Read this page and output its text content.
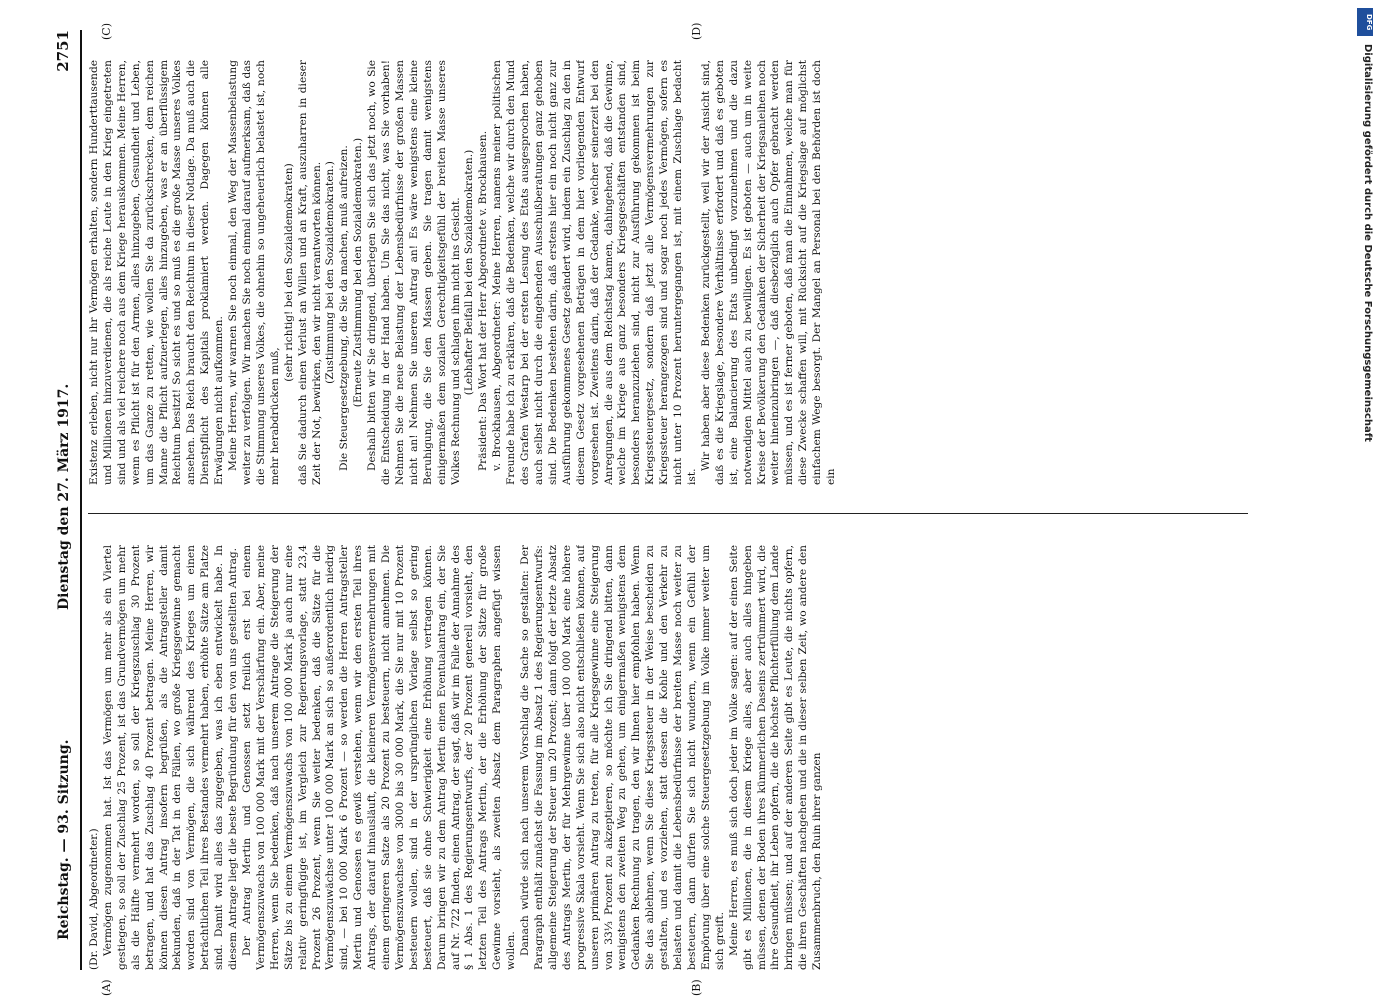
Reichstag. — 93. Sitzung.
Dienstag den 27. März 1917.
2751
(A)	(B)
(C)	(D)

(Dr. David, Abgeordneter.) Vermögen zugenommen hat. Ist das Vermögen um mehr als ein Viertel gestiegen, so soll der Zuschlag 25 Prozent, ist das Grundvermögen um mehr als die Hälfte vermehrt worden, so soll der Kriegszuschlag 30 Prozent betragen, und hat das Zuschlag 40 Prozent betragen. Meine Herren, wir können diesen Antrag insofern begrüßen, als die Antragsteller damit bekunden, daß in der Tat in den Fällen, wo große Kriegsgewinne gemacht worden sind von Vermögen, die sich während des Krieges um einen beträchtlichen Teil ihres Bestandes vermehrt haben, erhöhte Sätze am Platze sind. Damit wird alles das zugegeben, was ich eben entwickelt habe. In diesem Antrage liegt die beste Begründung für den von uns gestellten Antrag. Der Antrag Mertin und Genossen setzt freilich erst bei einem Vermögenszuwachs von 100 000 Mark mit der Verschärfung ein. Aber, meine Herren, wenn Sie bedenken, daß nach unserem Antrage die Steigerung der Sätze bis zu einem Vermögenszuwachs von 100 000 Mark ja auch nur eine relativ geringfügige ist, im Vergleich zur Regierungsvorlage, statt 23,4 Prozent 26 Prozent, wenn Sie weiter bedenken, daß die Sätze für die Vermögenszuwächse unter 100 000 Mark an sich so außerordentlich niedrig sind, — bei 10 000 Mark 6 Prozent — so werden die Herren Antragsteller Mertin und Genossen es gewiß verstehen, wenn wir den ersten Teil ihres Antrags, der darauf hinausläuft, die kleineren Vermögensvermehrungen mit einem geringeren Satze als 20 Prozent zu besteuern, nicht annehmen. Die Vermögenszuwachse von 3000 bis 30 000 Mark, die Sie nur mit 10 Prozent besteuern wollen, sind in der ursprünglichen Vorlage selbst so gering besteuert, daß sie ohne Schwierigkeit eine Erhöhung vertragen können. Darum bringen wir zu dem Antrag Mertin einen Eventualantrag ein, der Sie auf Nr. 722 finden, einen Antrag, der sagt, daß wir im Falle der Annahme des § 1 Abs. 1 des Regierungsentwurfs, der 20 Prozent generell vorsieht, den letzten Teil des Antrags Mertin, der die Erhöhung der Sätze für große Gewinne vorsieht, als zweiten Absatz dem Paragraphen angefügt wissen wollen. Danach würde sich nach unserem Vorschlag die Sache so gestalten: Der Paragraph enthält zunächst die Fassung im Absatz 1 des Regierungsentwurfs: allgemeine Steigerung der Steuer um 20 Prozent; dann folgt der letzte Absatz des Antrags Mertin, der für Mehrgewinne über 100 000 Mark eine höhere progressive Skala vorsieht. Wenn Sie sich also nicht entschließen können, auf unseren primären Antrag zu treten, für alle Kriegsgewinne eine Steigerung von 33⅓ Prozent zu akzeptieren, so möchte ich Sie dringend bitten, dann wenigstens den zweiten Weg zu gehen, um einigermaßen wenigstens dem Gedanken Rechnung zu tragen, den wir Ihnen hier empfohlen haben. Wenn Sie das ablehnen, wenn Sie diese Kriegssteuer in der Weise bescheiden zu gestalten, und es vorziehen, statt dessen die Kohle und den Verkehr zu belasten und damit die Lebensbedürfnisse der breiten Masse noch weiter zu besteuern, dann dürfen Sie sich nicht wundern, wenn ein Gefühl der Empörung über eine solche Steuergesetzgebung im Volke immer weiter um sich greift. Meine Herren, es muß sich doch jeder im Volke sagen: auf der einen Seite gibt es Millionen, die in diesem Kriege alles, aber auch alles hingeben müssen, denen der Boden ihres kümmerlichen Daseins zertrümmert wird, die ihre Gesundheit, ihr Leben opfern, die die höchste Pflichterfüllung dem Lande bringen müssen; und auf der anderen Seite gibt es Leute, die nichts opfern, die ihren Geschäften nachgehen und die in dieser selben Zeit, wo andere den Zusammenbruch, den Ruin ihrer ganzen

Existenz erleben, nicht nur ihr Vermögen erhalten, sondern Hunderttausende und Millionen hinzuverdienen, die als reiche Leute in den Krieg eingetreten sind und als viel reichere noch aus dem Kriege herauskommen. Meine Herren, wenn es Pflicht ist für den Armen, alles hinzugeben, Gesundheit und Leben, um das Ganze zu retten, wie wollen Sie da zurückschrecken, dem reichen Manne die Pflicht aufzuerlegen, alles hinzugeben, was er an überflüssigem Reichtum besitzt! So sicht es und so muß es die große Masse unseres Volkes ansehen. Das Reich braucht den Reichtum in dieser Notlage. Da muß auch die Dienstpflicht des Kapitals proklamiert werden. Dagegen können alle Erwägungen nicht aufkommen. Meine Herren, wir warnen Sie noch einmal, den Weg der Massenbelastung weiter zu verfolgen. Wir machen Sie noch einmal darauf aufmerksam, daß das die Stimmung unseres Volkes, die ohnehin so ungeheuerlich belastet ist, noch mehr herabdrücken muß,

(sehr richtig! bei den Sozialdemokraten) daß Sie dadurch einen Verlust an Willen und an Kraft, auszuharren in dieser Zeit der Not, bewirken, den wir nicht verantworten können. (Zustimmung bei den Sozialdemokraten.) Die Steuergesetzgebung, die Sie da machen, muß aufreizen. (Erneute Zustimmung bei den Sozialdemokraten.) Deshalb bitten wir Sie dringend, überlegen Sie sich das jetzt noch, wo Sie die Entscheidung in der Hand haben. Um Sie das nicht, was Sie vorhaben! Nehmen Sie die neue Belastung der Lebensbedürfnisse der großen Massen nicht an! Nehmen Sie unseren Antrag an! Es wäre wenigstens eine kleine Beruhigung, die Sie den Massen geben. Sie tragen damit wenigstens einigermaßen dem sozialen Gerechtigkeitsgefühl der breiten Masse unseres Volkes Rechnung und schlagen ihm nicht ins Gesicht. (Lebhafter Beifall bei den Sozialdemokraten.) Präsident: Das Wort hat der Herr Abgeordnete v. Brockhausen. v. Brockhausen, Abgeordneter: Meine Herren, namens meiner politischen Freunde habe ich zu erklären, daß die Bedenken, welche wir durch den Mund des Grafen Westarp bei der ersten Lesung des Etats ausgesprochen haben, auch selbst nicht durch die eingehenden Ausschußberatungen ganz gehoben sind. Die Bedenken bestehen darin, daß erstens hier ein noch nicht ganz zur Ausführung gekommenes Gesetz geändert wird, indem ein Zuschlag zu den in diesem Gesetz vorgesehenen Beträgen in dem hier vorliegenden Entwurf vorgesehen ist. Zweitens darin, daß der Gedanke, welcher seinerzeit bei den Anregungen, die aus dem Reichstag kamen, dahingehend, daß die Gewinne, welche im Kriege aus ganz besonders Kriegsgeschäften entstanden sind, besonders heranzuziehen sind, nicht zur Ausführung gekommen ist beim Kriegssteuergesetz, sondern daß jetzt alle Vermögensvermehrungen zur Kriegssteuer herangezogen sind und sogar noch jedes Vermögen, sofern es nicht unter 10 Prozent heruntergegangen ist, mit einem Zuschlage bedacht ist.

Wir haben aber diese Bedenken zurückgestellt, weil wir der Ansicht sind, daß es die Kriegslage, besondere Verhältnisse erfordert und daß es geboten ist, eine Balancierung des Etats unbedingt vorzunehmen und die dazu notwendigen Mittel auch zu bewilligen. Es ist geboten — auch um in weite Kreise der Bevölkerung den Gedanken der Sicherheit der Kriegsanleihen noch weiter hineinzubringen —, daß diesbezüglich auch Opfer gebracht werden müssen, und es ist ferner geboten, daß man die Einnahmen, welche man für diese Zwecke schaffen will, mit Rücksicht auf die Kriegslage auf möglichst einfachem Wege besorgt. Der Mangel an Personal bei den Behörden ist doch ein

DFG
Digitalisierung gefördert durch die Deutsche Forschungsgemeinschaft
